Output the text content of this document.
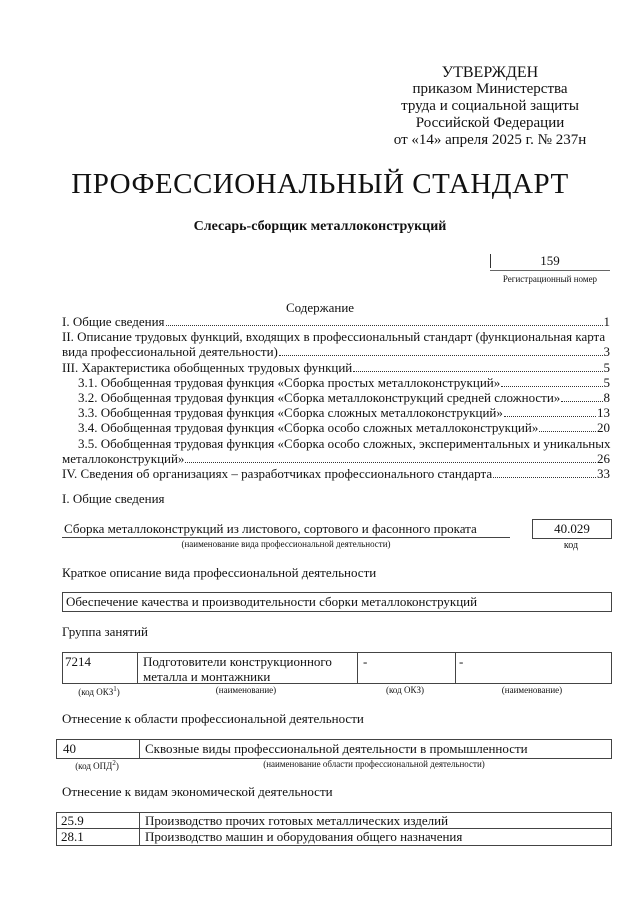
УТВЕРЖДЕН
приказом Министерства
труда и социальной защиты
Российской Федерации
от «14» апреля 2025 г. № 237н
ПРОФЕССИОНАЛЬНЫЙ СТАНДАРТ
Слесарь-сборщик металлоконструкций
159
Регистрационный номер
Содержание
I. Общие сведения	1
II. Описание трудовых функций, входящих в профессиональный стандарт (функциональная карта
вида профессиональной деятельности)	3
III. Характеристика обобщенных трудовых функций	5
3.1. Обобщенная трудовая функция «Сборка простых металлоконструкций»	5
3.2. Обобщенная трудовая функция «Сборка металлоконструкций средней сложности»	8
3.3. Обобщенная трудовая функция «Сборка сложных металлоконструкций»	13
3.4. Обобщенная трудовая функция «Сборка особо сложных металлоконструкций»	20
3.5. Обобщенная трудовая функция «Сборка особо сложных, экспериментальных и уникальных
металлоконструкций»	26
IV. Сведения об организациях – разработчиках профессионального стандарта	33
I. Общие сведения
Сборка металлоконструкций из листового, сортового и фасонного проката
(наименование вида профессиональной деятельности)
40.029
код
Краткое описание вида профессиональной деятельности
Обеспечение качества и производительности сборки металлоконструкций
Группа занятий
7214	Подготовители конструкционного
металла и монтажники
-	-
(код ОКЗ$^1$)	(наименование)	(код ОКЗ)	(наименование)
Отнесение к области профессиональной деятельности
40	Сквозные виды профессиональной деятельности в промышленности
(код ОПД$^2$)	(наименование области профессиональной деятельности)
Отнесение к видам экономической деятельности
25.9	Производство прочих готовых металлических изделий
28.1	Производство машин и оборудования общего назначения
